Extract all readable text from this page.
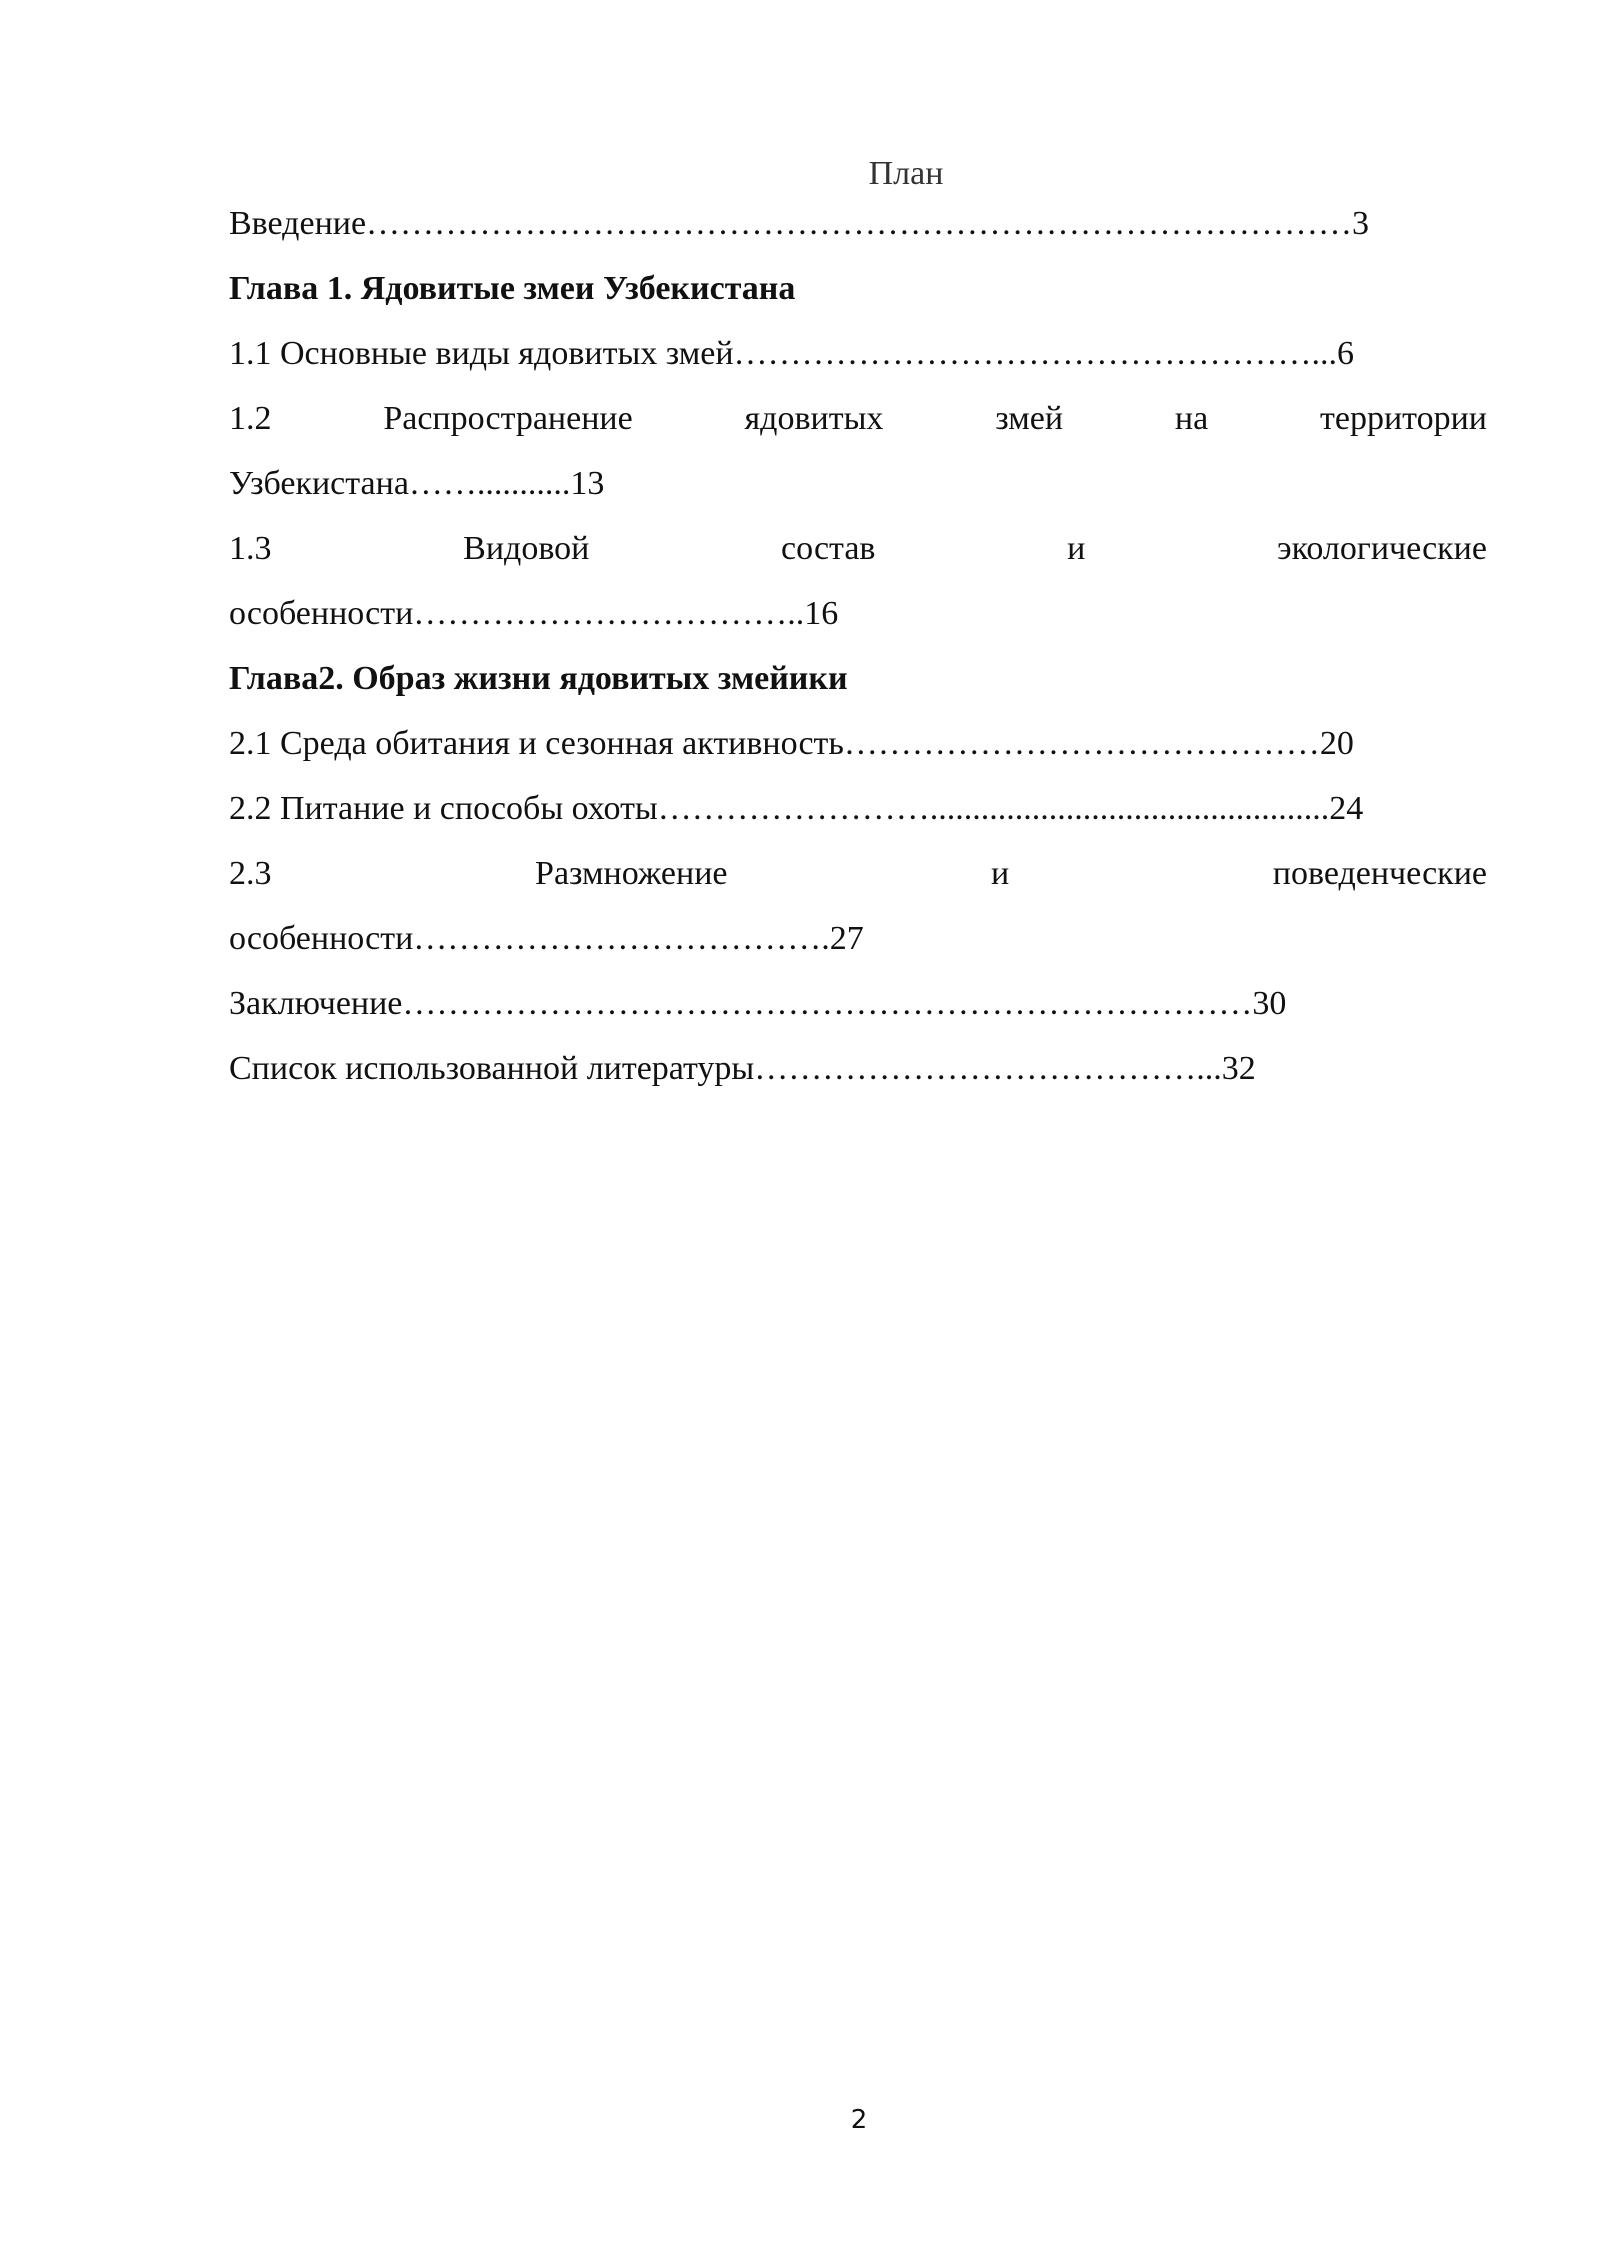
План
Введение……………………………………………………………………………3
Глава 1. Ядовитые змеи Узбекистана
1.1 Основные виды ядовитых змей……………………………………………...6
1.2	Распространение	ядовитых	змей	на	территории
Узбекистана……...........13
1.3	Видовой	состав	и	экологические
особенности……………………………..16
Глава2. Образ жизни ядовитых змейики
2.1 Среда обитания и сезонная активность……………………………………20
2.2 Питание и способы охоты……………………...............................................24
2.3	Размножение	и	поведенческие
особенности……………………………….27
Заключение…………………………………………………………………30
Список использованной литературы…………………………………...32
2
